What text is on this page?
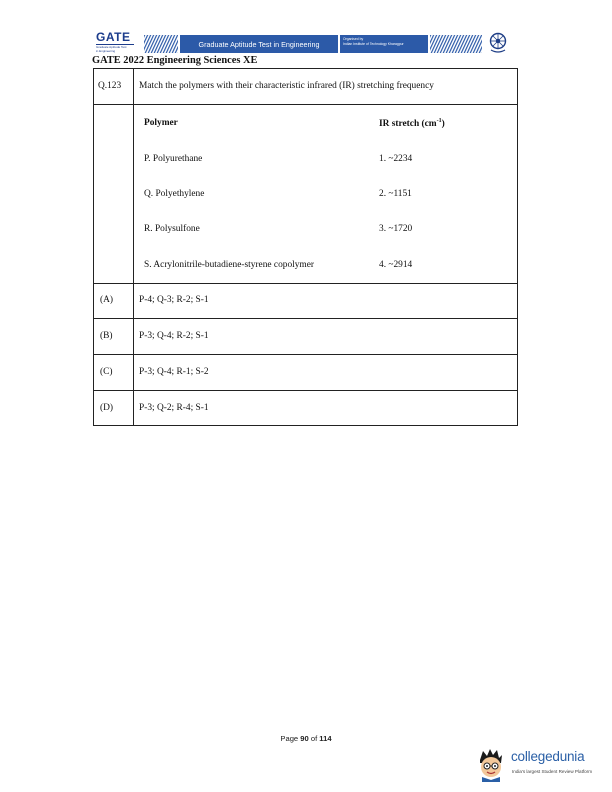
GATE
Graduate Aptitude Test
in Engineering
Graduate Aptitude Test in Engineering
Organised by
Indian Institute of Technology Kharagpur
GATE 2022 Engineering Sciences XE
Q.123 Match the polymers with their characteristic infrared (IR) stretching frequency
Polymer	IR stretch $(cm^{-1})$
P. Polyurethane	1. ~2234
Q. Polyethylene	2. ~1151
R. Polysulfone	3. ~1720
S. Acrylonitrile-butadiene-styrene copolymer	4. ~2914
(A)	P-4; Q-3; R-2; S-1
(B)	P-3; Q-4; R-2; S-1
(C)	P-3; Q-4; R-1; S-2
(D)	P-3; Q-2; R-4; S-1
Page 90 of 114
collegedunia
India's largest Student Review Platform
